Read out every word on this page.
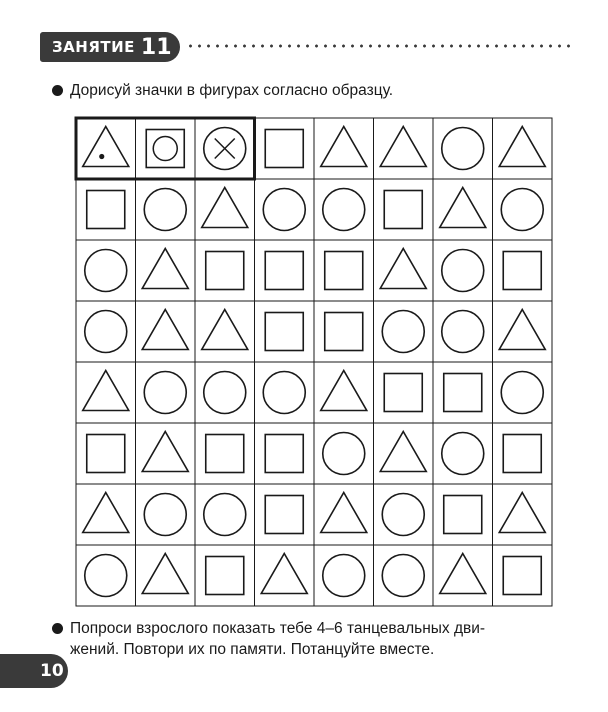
ЗАНЯТИЕ 11
Дорисуй значки в фигурах согласно образцу.
Попроси взрослого показать тебе 4–6 танцевальных дви-
жений. Повтори их по памяти. Потанцуйте вместе.
10
